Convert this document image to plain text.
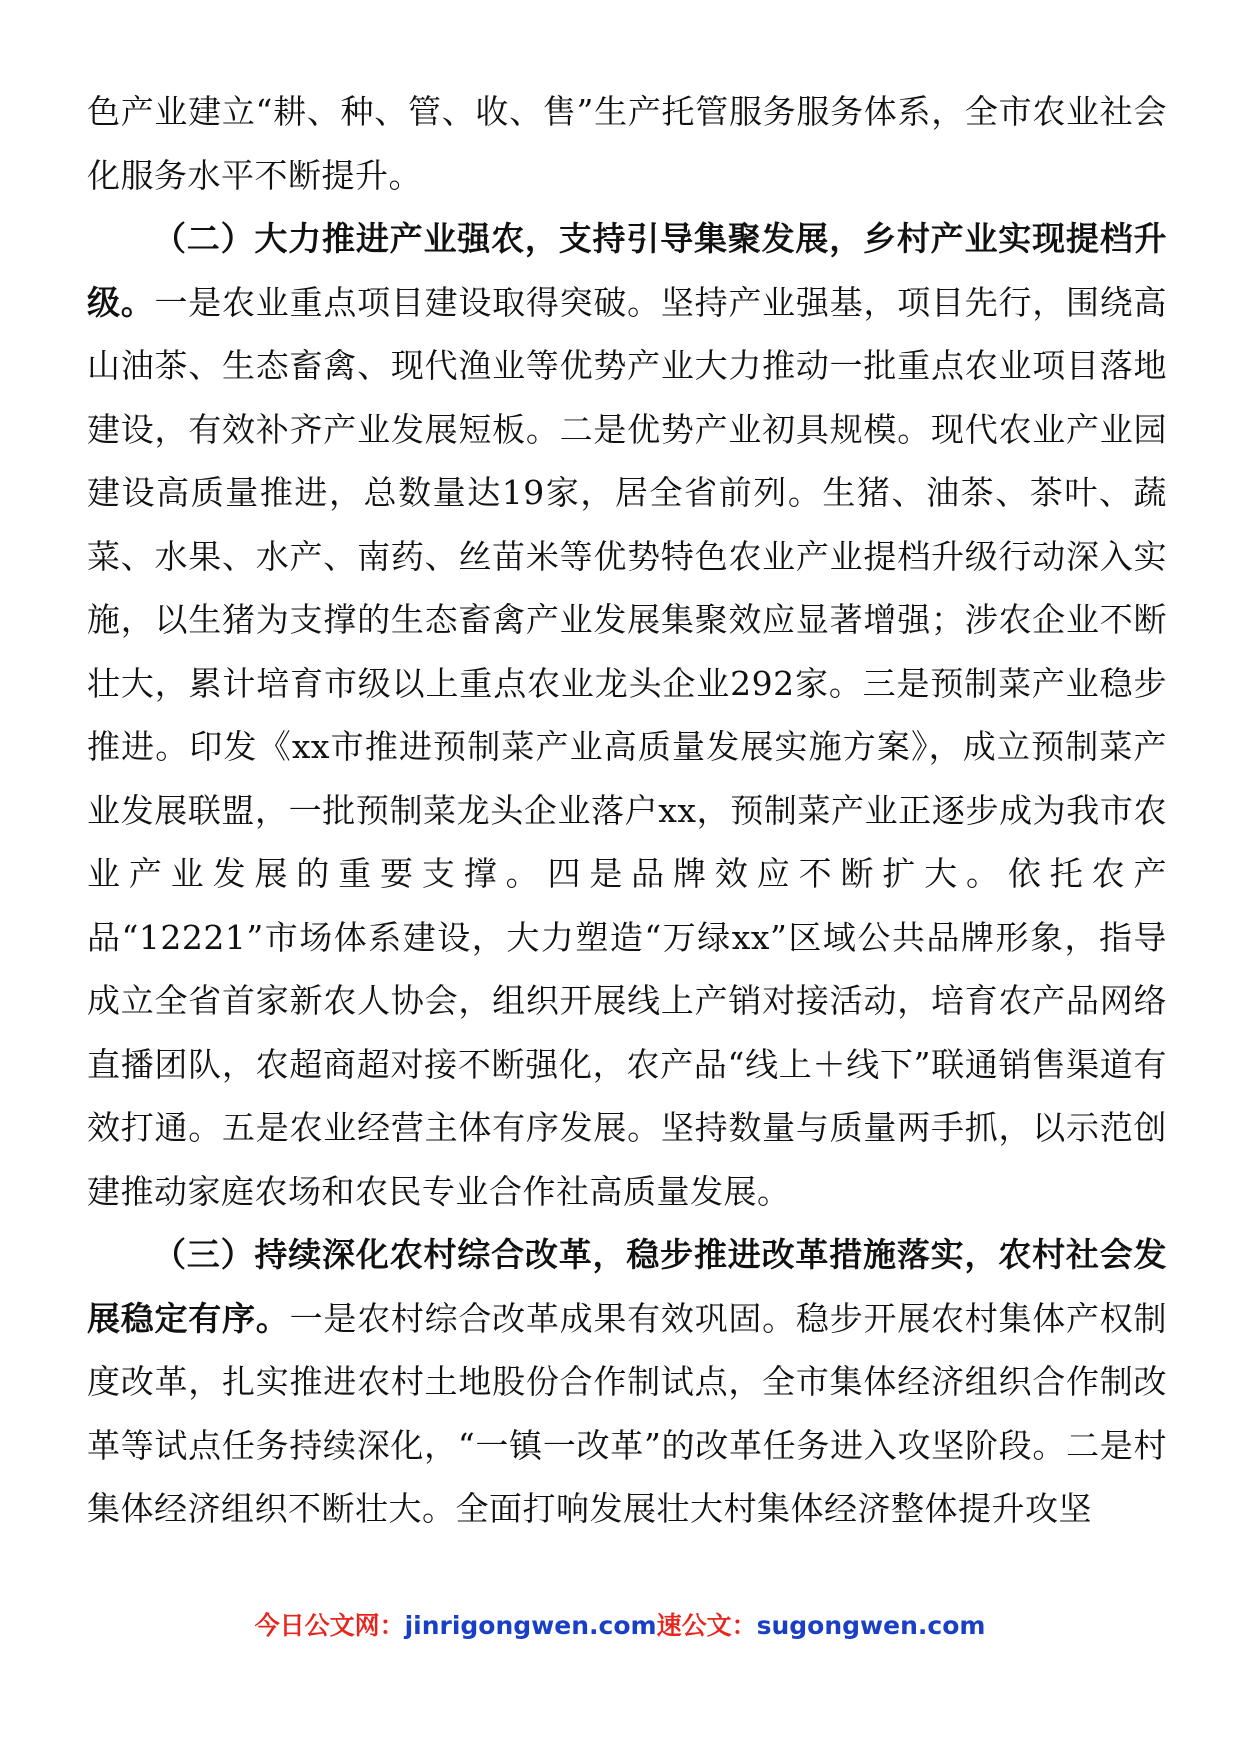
色产业建立“耕、种、管、收、售”生产托管服务服务体系，全市农业社会化服务水平不断提升。

（二）大力推进产业强农，支持引导集聚发展，乡村产业实现提档升级。一是农业重点项目建设取得突破。坚持产业强基，项目先行，围绕高山油茶、生态畜禽、现代渔业等优势产业大力推动一批重点农业项目落地建设，有效补齐产业发展短板。二是优势产业初具规模。现代农业产业园建设高质量推进，总数量达19家，居全省前列。生猪、油茶、茶叶、蔬菜、水果、水产、南药、丝苗米等优势特色农业产业提档升级行动深入实施，以生猪为支撑的生态畜禽产业发展集聚效应显著增强；涉农企业不断壮大，累计培育市级以上重点农业龙头企业292家。三是预制菜产业稳步推进。印发《xx市推进预制菜产业高质量发展实施方案》，成立预制菜产业发展联盟，一批预制菜龙头企业落户xx，预制菜产业正逐步成为我市农业产业发展的重要支撑。四是品牌效应不断扩大。依托农产品“12221”市场体系建设，大力塑造“万绿xx”区域公共品牌形象，指导成立全省首家新农人协会，组织开展线上产销对接活动，培育农产品网络直播团队，农超商超对接不断强化，农产品“线上＋线下”联通销售渠道有效打通。五是农业经营主体有序发展。坚持数量与质量两手抓，以示范创建推动家庭农场和农民专业合作社高质量发展。

（三）持续深化农村综合改革，稳步推进改革措施落实，农村社会发展稳定有序。一是农村综合改革成果有效巩固。稳步开展农村集体产权制度改革，扎实推进农村土地股份合作制试点，全市集体经济组织合作制改革等试点任务持续深化，“一镇一改革”的改革任务进入攻坚阶段。二是村集体经济组织不断壮大。全面打响发展壮大村集体经济整体提升攻坚

今日公文网：jinrigongwen.com速公文：sugongwen.com
